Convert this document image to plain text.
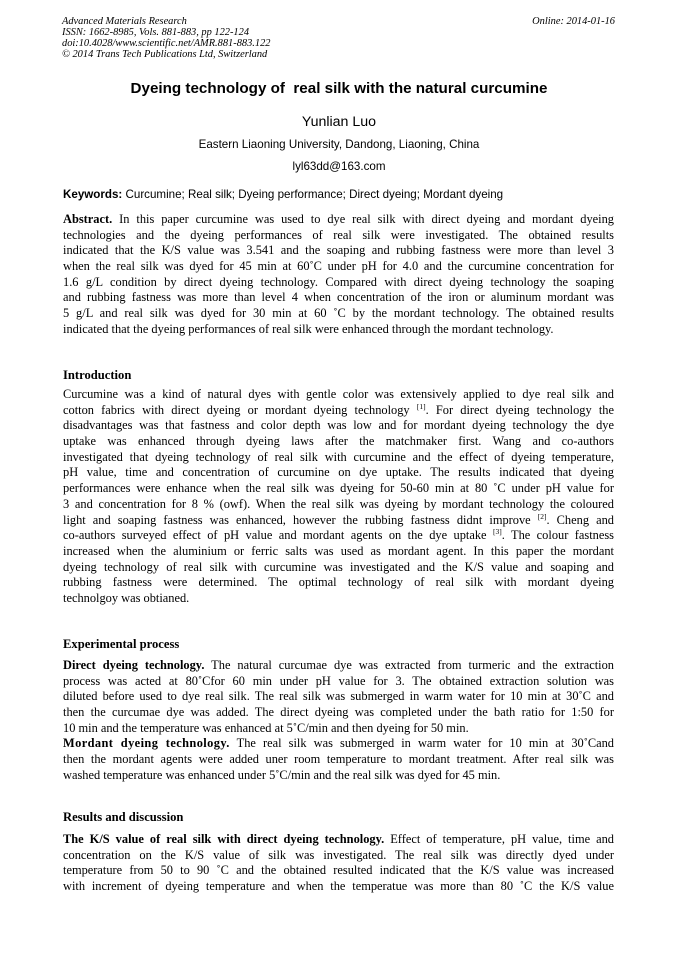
Advanced Materials Research
ISSN: 1662-8985, Vols. 881-883, pp 122-124
doi:10.4028/www.scientific.net/AMR.881-883.122
© 2014 Trans Tech Publications Ltd, Switzerland
Online: 2014-01-16
Dyeing technology of  real silk with the natural curcumine
Yunlian Luo
Eastern Liaoning University, Dandong, Liaoning, China
lyl63dd@163.com
Keywords: Curcumine; Real silk; Dyeing performance; Direct dyeing; Mordant dyeing
Abstract. In this paper curcumine was used to dye real silk with direct dyeing and mordant dyeing
technologies and the dyeing performances of real silk were investigated. The obtained results
indicated that the K/S value was 3.541 and the soaping and rubbing fastness were more than level 3
when the real silk was dyed for 45 min at 60˚C under pH for 4.0 and the curcumine concentration for
1.6 g/L condition by direct dyeing technology. Compared with direct dyeing technology the soaping
and rubbing fastness was more than level 4 when concentration of the iron or aluminum mordant was
5 g/L and real silk was dyed for 30 min at 60 ˚C by the mordant technology. The obtained results
indicated that the dyeing performances of real silk were enhanced through the mordant technology.
Introduction
Curcumine was a kind of natural dyes with gentle color was extensively applied to dye real silk and
cotton fabrics with direct dyeing or mordant dyeing technology [1]. For direct dyeing technology the
disadvantages was that fastness and color depth was low and for mordant dyeing technology the dye
uptake was enhanced through dyeing laws after the matchmaker first. Wang and co-authors
investigated that dyeing technology of real silk with curcumine and the effect of dyeing temperature,
pH value, time and concentration of curcumine on dye uptake. The results indicated that dyeing
performances were enhance when the real silk was dyeing for 50-60 min at 80 ˚C under pH value for
3 and concentration for 8 % (owf). When the real silk was dyeing by mordant technology the coloured
light and soaping fastness was enhanced, however the rubbing fastness didnt improve [2]. Cheng and
co-authors surveyed effect of pH value and mordant agents on the dye uptake [3]. The colour fastness
increased when the aluminium or ferric salts was used as mordant agent. In this paper the mordant
dyeing technology of real silk with curcumine was investigated and the K/S value and soaping and
rubbing fastness were determined. The optimal technology of real silk with mordant dyeing
technolgoy was obtianed.
Experimental process
Direct dyeing technology. The natural curcumae dye was extracted from turmeric and the extraction
process was acted at 80˚Cfor 60 min under pH value for 3. The obtained extraction solution was
diluted before used to dye real silk. The real silk was submerged in warm water for 10 min at 30˚C and
then the curcumae dye was added. The direct dyeing was completed under the bath ratio for 1:50 for
10 min and the temperature was enhanced at 5˚C/min and then dyeing for 50 min.
Mordant dyeing technology. The real silk was submerged in warm water for 10 min at 30˚Cand
then the mordant agents were added uner room temperature to mordant treatment. After real silk was
washed temperature was enhanced under 5˚C/min and the real silk was dyed for 45 min.
Results and discussion
The K/S value of real silk with direct dyeing technology. Effect of temperature, pH value, time and
concentration on the K/S value of silk was investigated. The real silk was directly dyed under
temperature from 50 to 90 ˚C and the obtained resulted indicated that the K/S value was increased
with increment of dyeing temperature and when the temperatue was more than 80 ˚C the K/S value
